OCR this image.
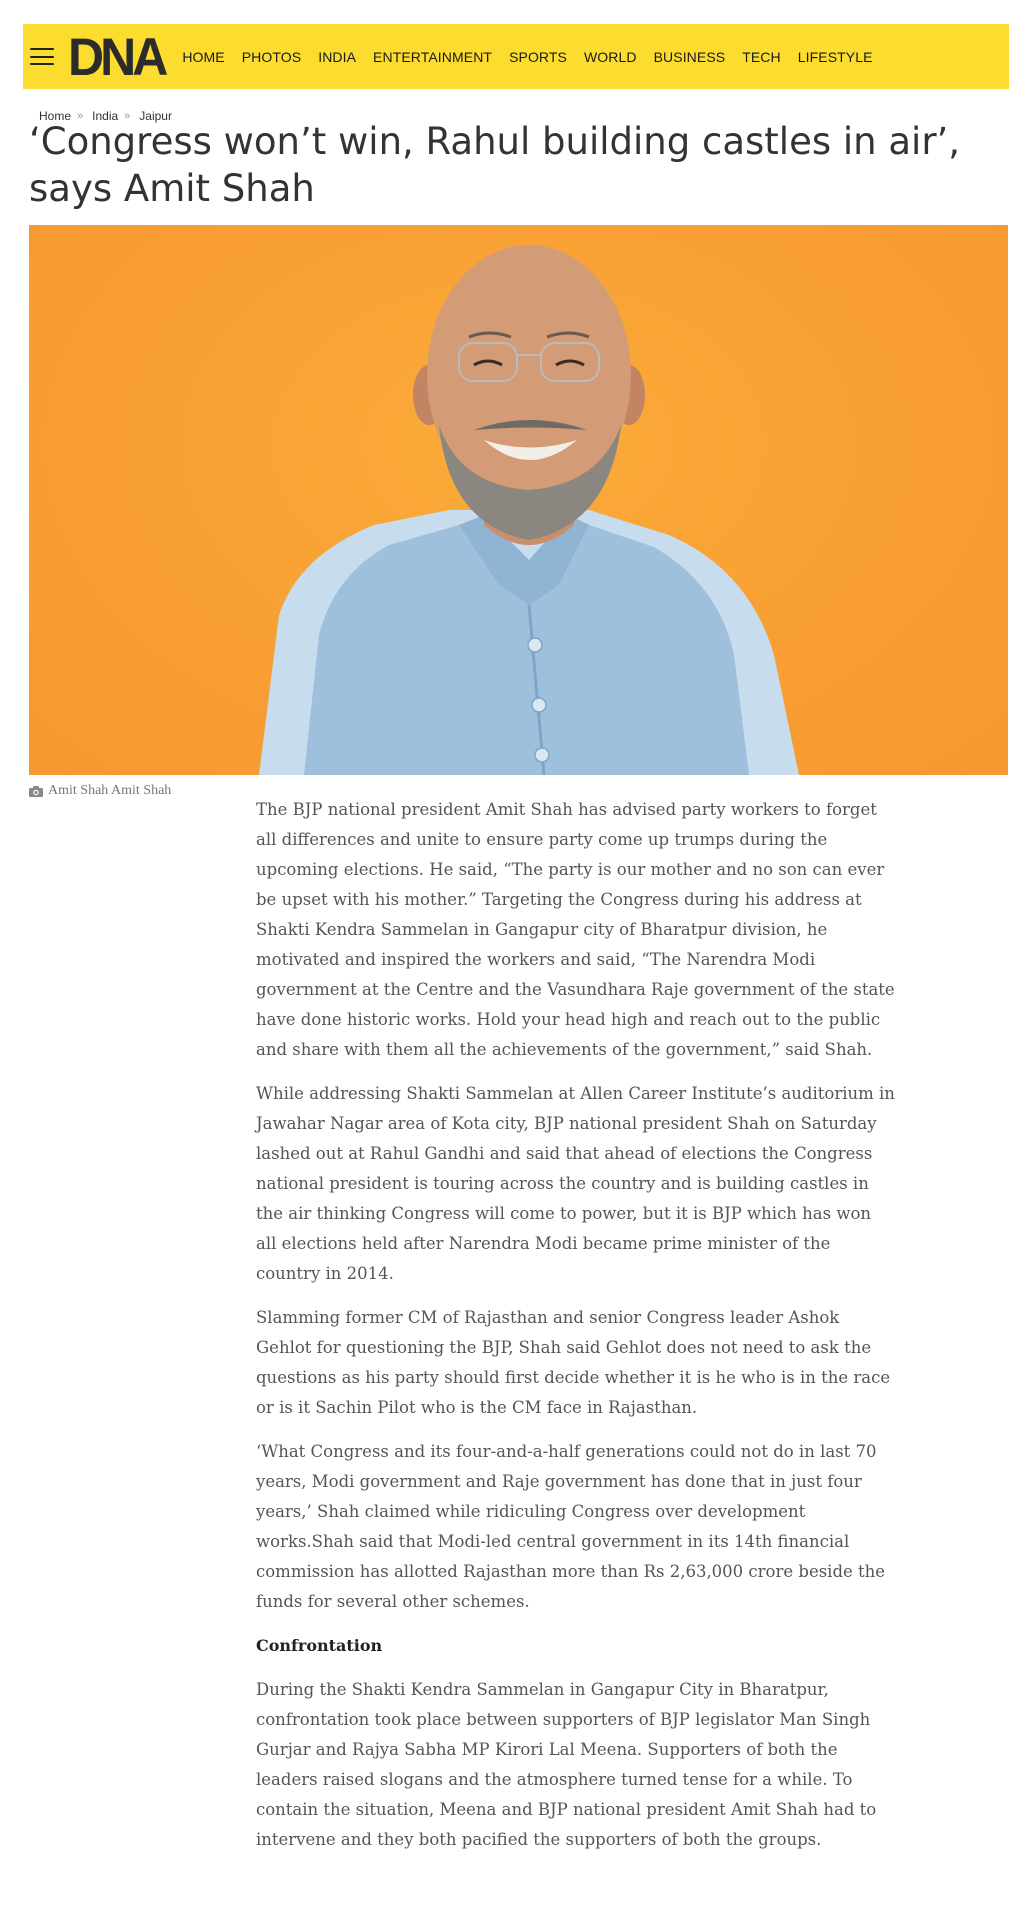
DNA HOME PHOTOS INDIA ENTERTAINMENT SPORTS WORLD BUSINESS TECH LIFESTYLE
Home » India » Jaipur
‘Congress won’t win, Rahul building castles in air’, says Amit Shah
Amit Shah Amit Shah

The BJP national president Amit Shah has advised party workers to forget all differences and unite to ensure party come up trumps during the upcoming elections. He said, “The party is our mother and no son can ever be upset with his mother.” Targeting the Congress during his address at Shakti Kendra Sammelan in Gangapur city of Bharatpur division, he motivated and inspired the workers and said, “The Narendra Modi government at the Centre and the Vasundhara Raje government of the state have done historic works. Hold your head high and reach out to the public and share with them all the achievements of the government,” said Shah.

While addressing Shakti Sammelan at Allen Career Institute’s auditorium in Jawahar Nagar area of Kota city, BJP national president Shah on Saturday lashed out at Rahul Gandhi and said that ahead of elections the Congress national president is touring across the country and is building castles in the air thinking Congress will come to power, but it is BJP which has won all elections held after Narendra Modi became prime minister of the country in 2014.

Slamming former CM of Rajasthan and senior Congress leader Ashok Gehlot for questioning the BJP, Shah said Gehlot does not need to ask the questions as his party should first decide whether it is he who is in the race or is it Sachin Pilot who is the CM face in Rajasthan.

‘What Congress and its four-and-a-half generations could not do in last 70 years, Modi government and Raje government has done that in just four years,’ Shah claimed while ridiculing Congress over development works.Shah said that Modi-led central government in its 14th financial commission has allotted Rajasthan more than Rs 2,63,000 crore beside the funds for several other schemes.

Confrontation

During the Shakti Kendra Sammelan in Gangapur City in Bharatpur, confrontation took place between supporters of BJP legislator Man Singh Gurjar and Rajya Sabha MP Kirori Lal Meena. Supporters of both the leaders raised slogans and the atmosphere turned tense for a while. To contain the situation, Meena and BJP national president Amit Shah had to intervene and they both pacified the supporters of both the groups.
